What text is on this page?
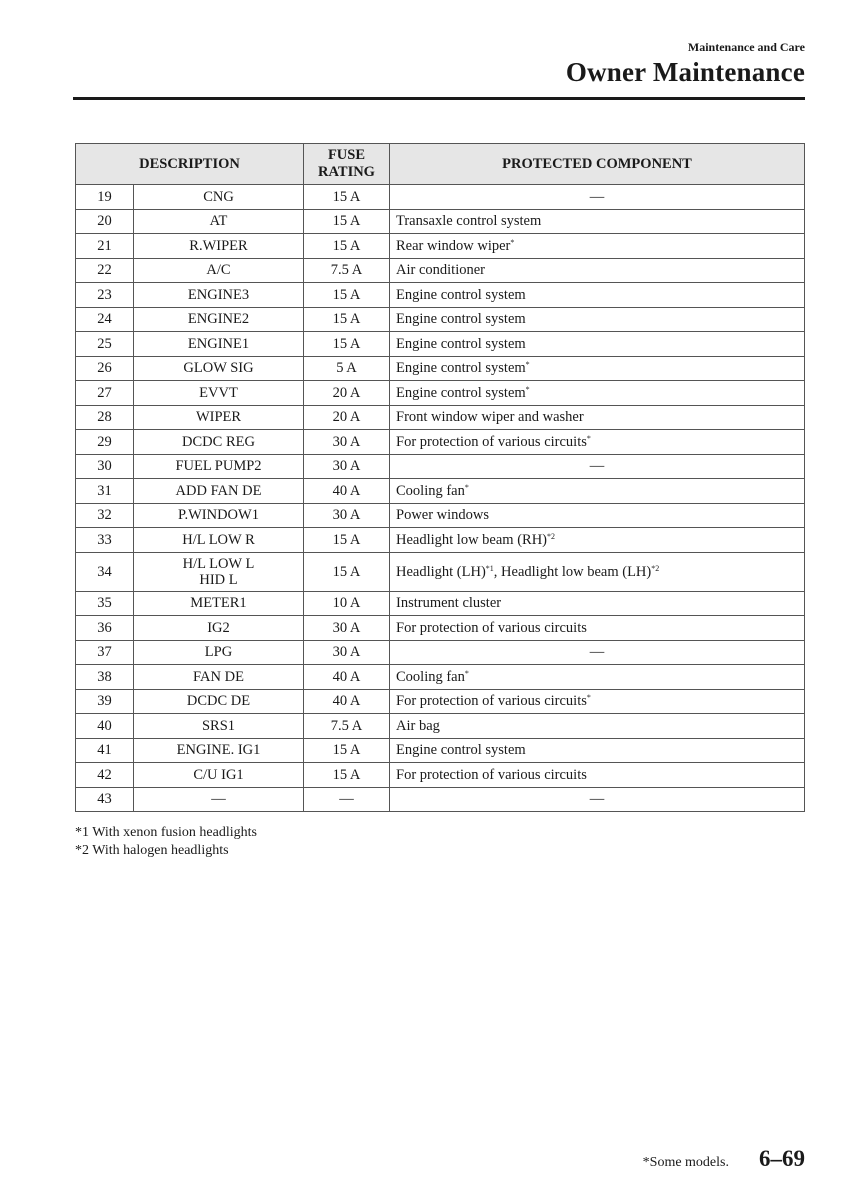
Maintenance and Care
Owner Maintenance
DESCRIPTION		FUSE
RATING	PROTECTED COMPONENT
19	CNG	15 A	—
20	AT	15 A	Transaxle control system
21	R.WIPER	15 A	Rear window wiper*
22	A/C	7.5 A	Air conditioner
23	ENGINE3	15 A	Engine control system
24	ENGINE2	15 A	Engine control system
25	ENGINE1	15 A	Engine control system
26	GLOW SIG	5 A	Engine control system*
27	EVVT	20 A	Engine control system*
28	WIPER	20 A	Front window wiper and washer
29	DCDC REG	30 A	For protection of various circuits*
30	FUEL PUMP2	30 A	—
31	ADD FAN DE	40 A	Cooling fan*
32	P.WINDOW1	30 A	Power windows
33	H/L LOW R	15 A	Headlight low beam (RH)$^{*2}$
34	H/L LOW L
HID L	15 A	Headlight (LH)$^{*1}$, Headlight low beam (LH)$^{*2}$
35	METER1	10 A	Instrument cluster
36	IG2	30 A	For protection of various circuits
37	LPG	30 A	—
38	FAN DE	40 A	Cooling fan*
39	DCDC DE	40 A	For protection of various circuits*
40	SRS1	7.5 A	Air bag
41	ENGINE. IG1	15 A	Engine control system
42	C/U IG1	15 A	For protection of various circuits
43	—	—	—
*1 With xenon fusion headlights
*2 With halogen headlights
*Some models. 6–69
